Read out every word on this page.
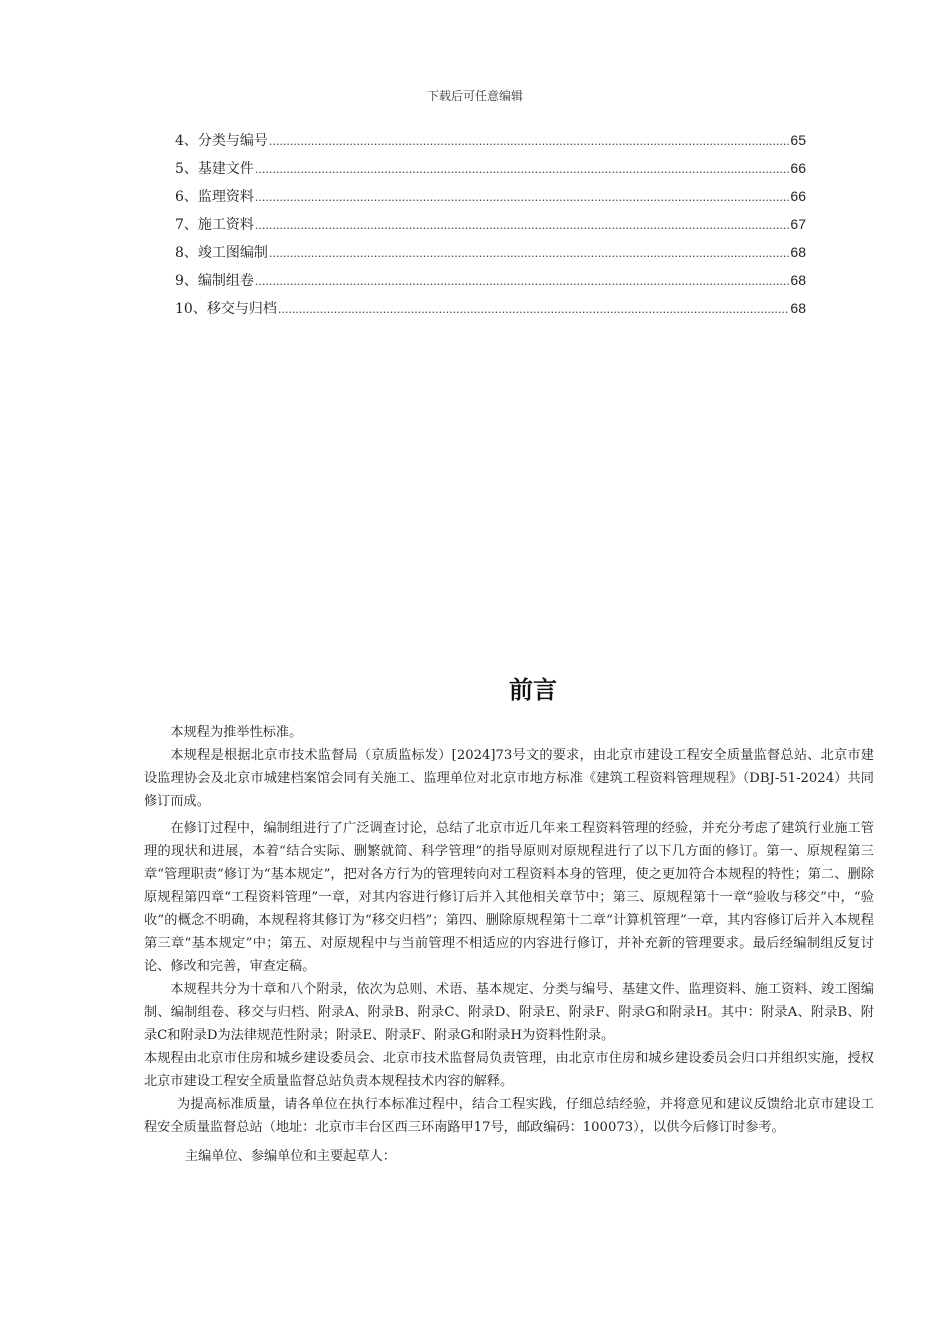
下载后可任意编辑
4、分类与编号 .....	65
5、基建文件 .....	66
6、监理资料 .....	66
7、施工资料 .....	67
8、竣工图编制 .....	68
9、编制组卷 .....	68
10、移交与归档 .....	68
前言

本规程为推举性标准。

本规程是根据北京市技术监督局（京质监标发）[2024]73号文的要求，由北京市建设工程安全质量监督总站、北京市建设监理协会及北京市城建档案馆会同有关施工、监理单位对北京市地方标准《建筑工程资料管理规程》（DBJ-51-2024）共同修订而成。

在修订过程中，编制组进行了广泛调查讨论，总结了北京市近几年来工程资料管理的经验，并充分考虑了建筑行业施工管理的现状和进展，本着“结合实际、删繁就简、科学管理”的指导原则对原规程进行了以下几方面的修订。第一、原规程第三章“管理职责”修订为“基本规定”，把对各方行为的管理转向对工程资料本身的管理，使之更加符合本规程的特性；第二、删除原规程第四章“工程资料管理”一章，对其内容进行修订后并入其他相关章节中；第三、原规程第十一章“验收与移交”中，“验收”的概念不明确，本规程将其修订为“移交归档”；第四、删除原规程第十二章“计算机管理”一章，其内容修订后并入本规程第三章“基本规定”中；第五、对原规程中与当前管理不相适应的内容进行修订，并补充新的管理要求。最后经编制组反复讨论、修改和完善，审查定稿。

本规程共分为十章和八个附录，依次为总则、术语、基本规定、分类与编号、基建文件、监理资料、施工资料、竣工图编制、编制组卷、移交与归档、附录A、附录B、附录C、附录D、附录E、附录F、附录G和附录H。其中：附录A、附录B、附录C和附录D为法律规范性附录；附录E、附录F、附录G和附录H为资料性附录。

本规程由北京市住房和城乡建设委员会、北京市技术监督局负责管理，由北京市住房和城乡建设委员会归口并组织实施，授权北京市建设工程安全质量监督总站负责本规程技术内容的解释。

为提高标准质量，请各单位在执行本标准过程中，结合工程实践，仔细总结经验，并将意见和建议反馈给北京市建设工程安全质量监督总站（地址：北京市丰台区西三环南路甲17号，邮政编码：100073），以供今后修订时参考。

主编单位、参编单位和主要起草人：
